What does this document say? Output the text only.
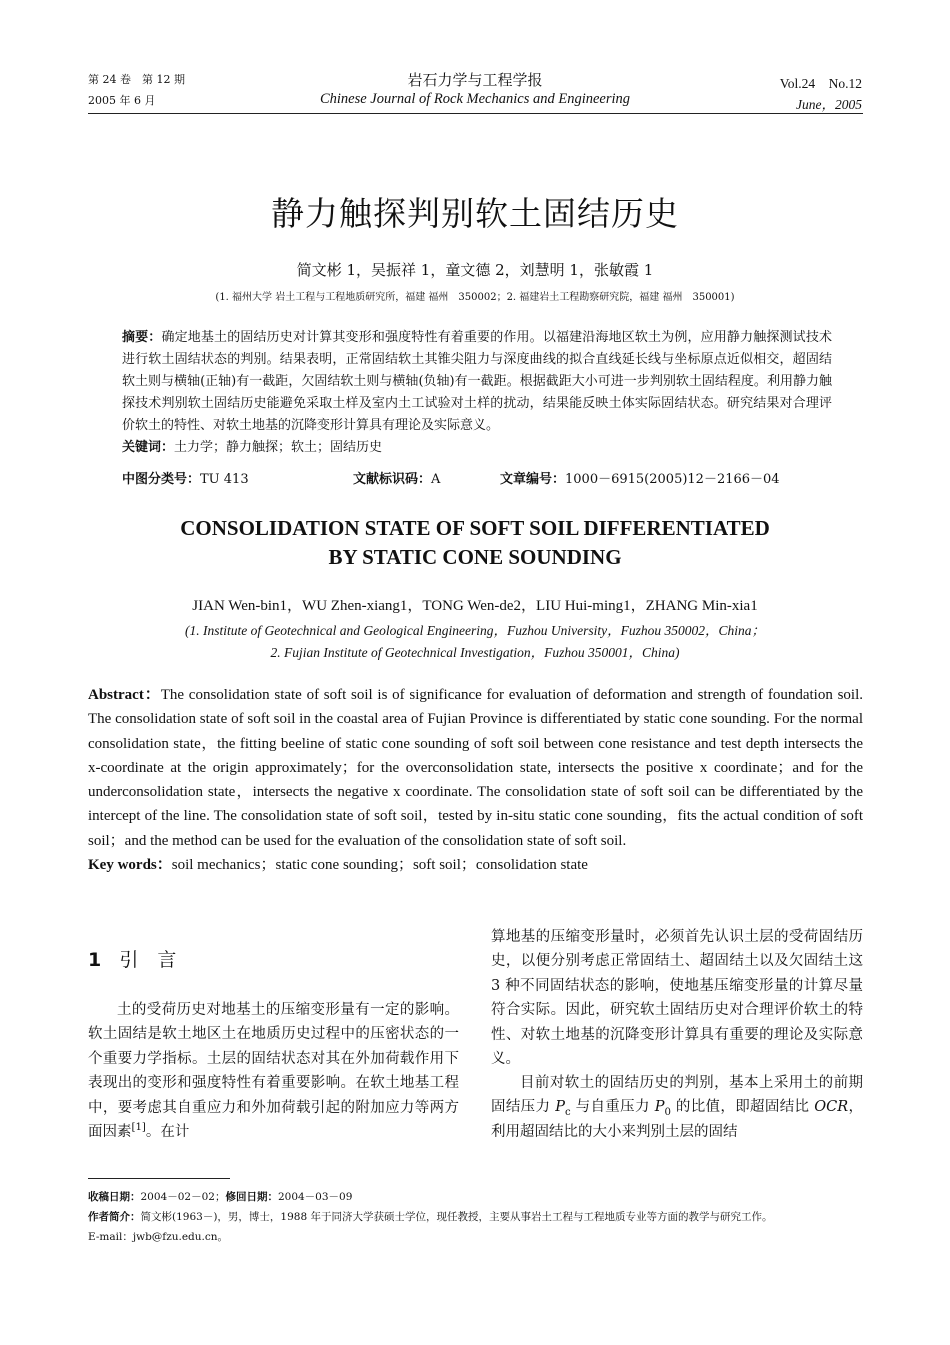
第 24 卷　第 12 期
2005 年 6 月
岩石力学与工程学报
Chinese Journal of Rock Mechanics and Engineering
Vol.24　No.12
June，2005
静力触探判别软土固结历史
简文彬 1，吴振祥 1，童文德 2，刘慧明 1，张敏霞 1
(1. 福州大学 岩土工程与工程地质研究所，福建 福州　350002；2. 福建岩土工程勘察研究院，福建 福州　350001)
摘要：确定地基土的固结历史对计算其变形和强度特性有着重要的作用。以福建沿海地区软土为例，应用静力触探测试技术进行软土固结状态的判别。结果表明，正常固结软土其锥尖阻力与深度曲线的拟合直线延长线与坐标原点近似相交，超固结软土则与横轴(正轴)有一截距，欠固结软土则与横轴(负轴)有一截距。根据截距大小可进一步判别软土固结程度。利用静力触探技术判别软土固结历史能避免采取土样及室内土工试验对土样的扰动，结果能反映土体实际固结状态。研究结果对合理评价软土的特性、对软土地基的沉降变形计算具有理论及实际意义。
关键词：土力学；静力触探；软土；固结历史
中图分类号：TU 413	文献标识码：A	文章编号：1000－6915(2005)12－2166－04
CONSOLIDATION STATE OF SOFT SOIL DIFFERENTIATED
BY STATIC CONE SOUNDING
JIAN Wen-bin1，WU Zhen-xiang1，TONG Wen-de2，LIU Hui-ming1，ZHANG Min-xia1
(1. Institute of Geotechnical and Geological Engineering，Fuzhou University，Fuzhou 350002，China；
2. Fujian Institute of Geotechnical Investigation，Fuzhou 350001，China)
Abstract：The consolidation state of soft soil is of significance for evaluation of deformation and strength of foundation soil. The consolidation state of soft soil in the coastal area of Fujian Province is differentiated by static cone sounding. For the normal consolidation state，the fitting beeline of static cone sounding of soft soil between cone resistance and test depth intersects the x-coordinate at the origin approximately；for the overconsolidation state, intersects the positive x coordinate；and for the underconsolidation state，intersects the negative x coordinate. The consolidation state of soft soil can be differentiated by the intercept of the line. The consolidation state of soft soil，tested by in-situ static cone sounding，fits the actual condition of soft soil；and the method can be used for the evaluation of the consolidation state of soft soil.
Key words：soil mechanics；static cone sounding；soft soil；consolidation state
1 引　言
土的受荷历史对地基土的压缩变形量有一定的影响。软土固结是软土地区土在地质历史过程中的压密状态的一个重要力学指标。土层的固结状态对其在外加荷载作用下表现出的变形和强度特性有着重要影响。在软土地基工程中，要考虑其自重应力和外加荷载引起的附加应力等两方面因素[1]。在计
算地基的压缩变形量时，必须首先认识土层的受荷固结历史，以便分别考虑正常固结土、超固结土以及欠固结土这 3 种不同固结状态的影响，使地基压缩变形量的计算尽量符合实际。因此，研究软土固结历史对合理评价软土的特性、对软土地基的沉降变形计算具有重要的理论及实际意义。
目前对软土的固结历史的判别，基本上采用土的前期固结压力 $P_c$ 与自重压力 $P_0$ 的比值，即超固结比 OCR，利用超固结比的大小来判别土层的固结
收稿日期：2004－02－02；修回日期：2004－03－09
作者简介：简文彬(1963－)，男，博士，1988 年于同济大学获硕士学位，现任教授，主要从事岩土工程与工程地质专业等方面的教学与研究工作。
E-mail：jwb@fzu.edu.cn。
